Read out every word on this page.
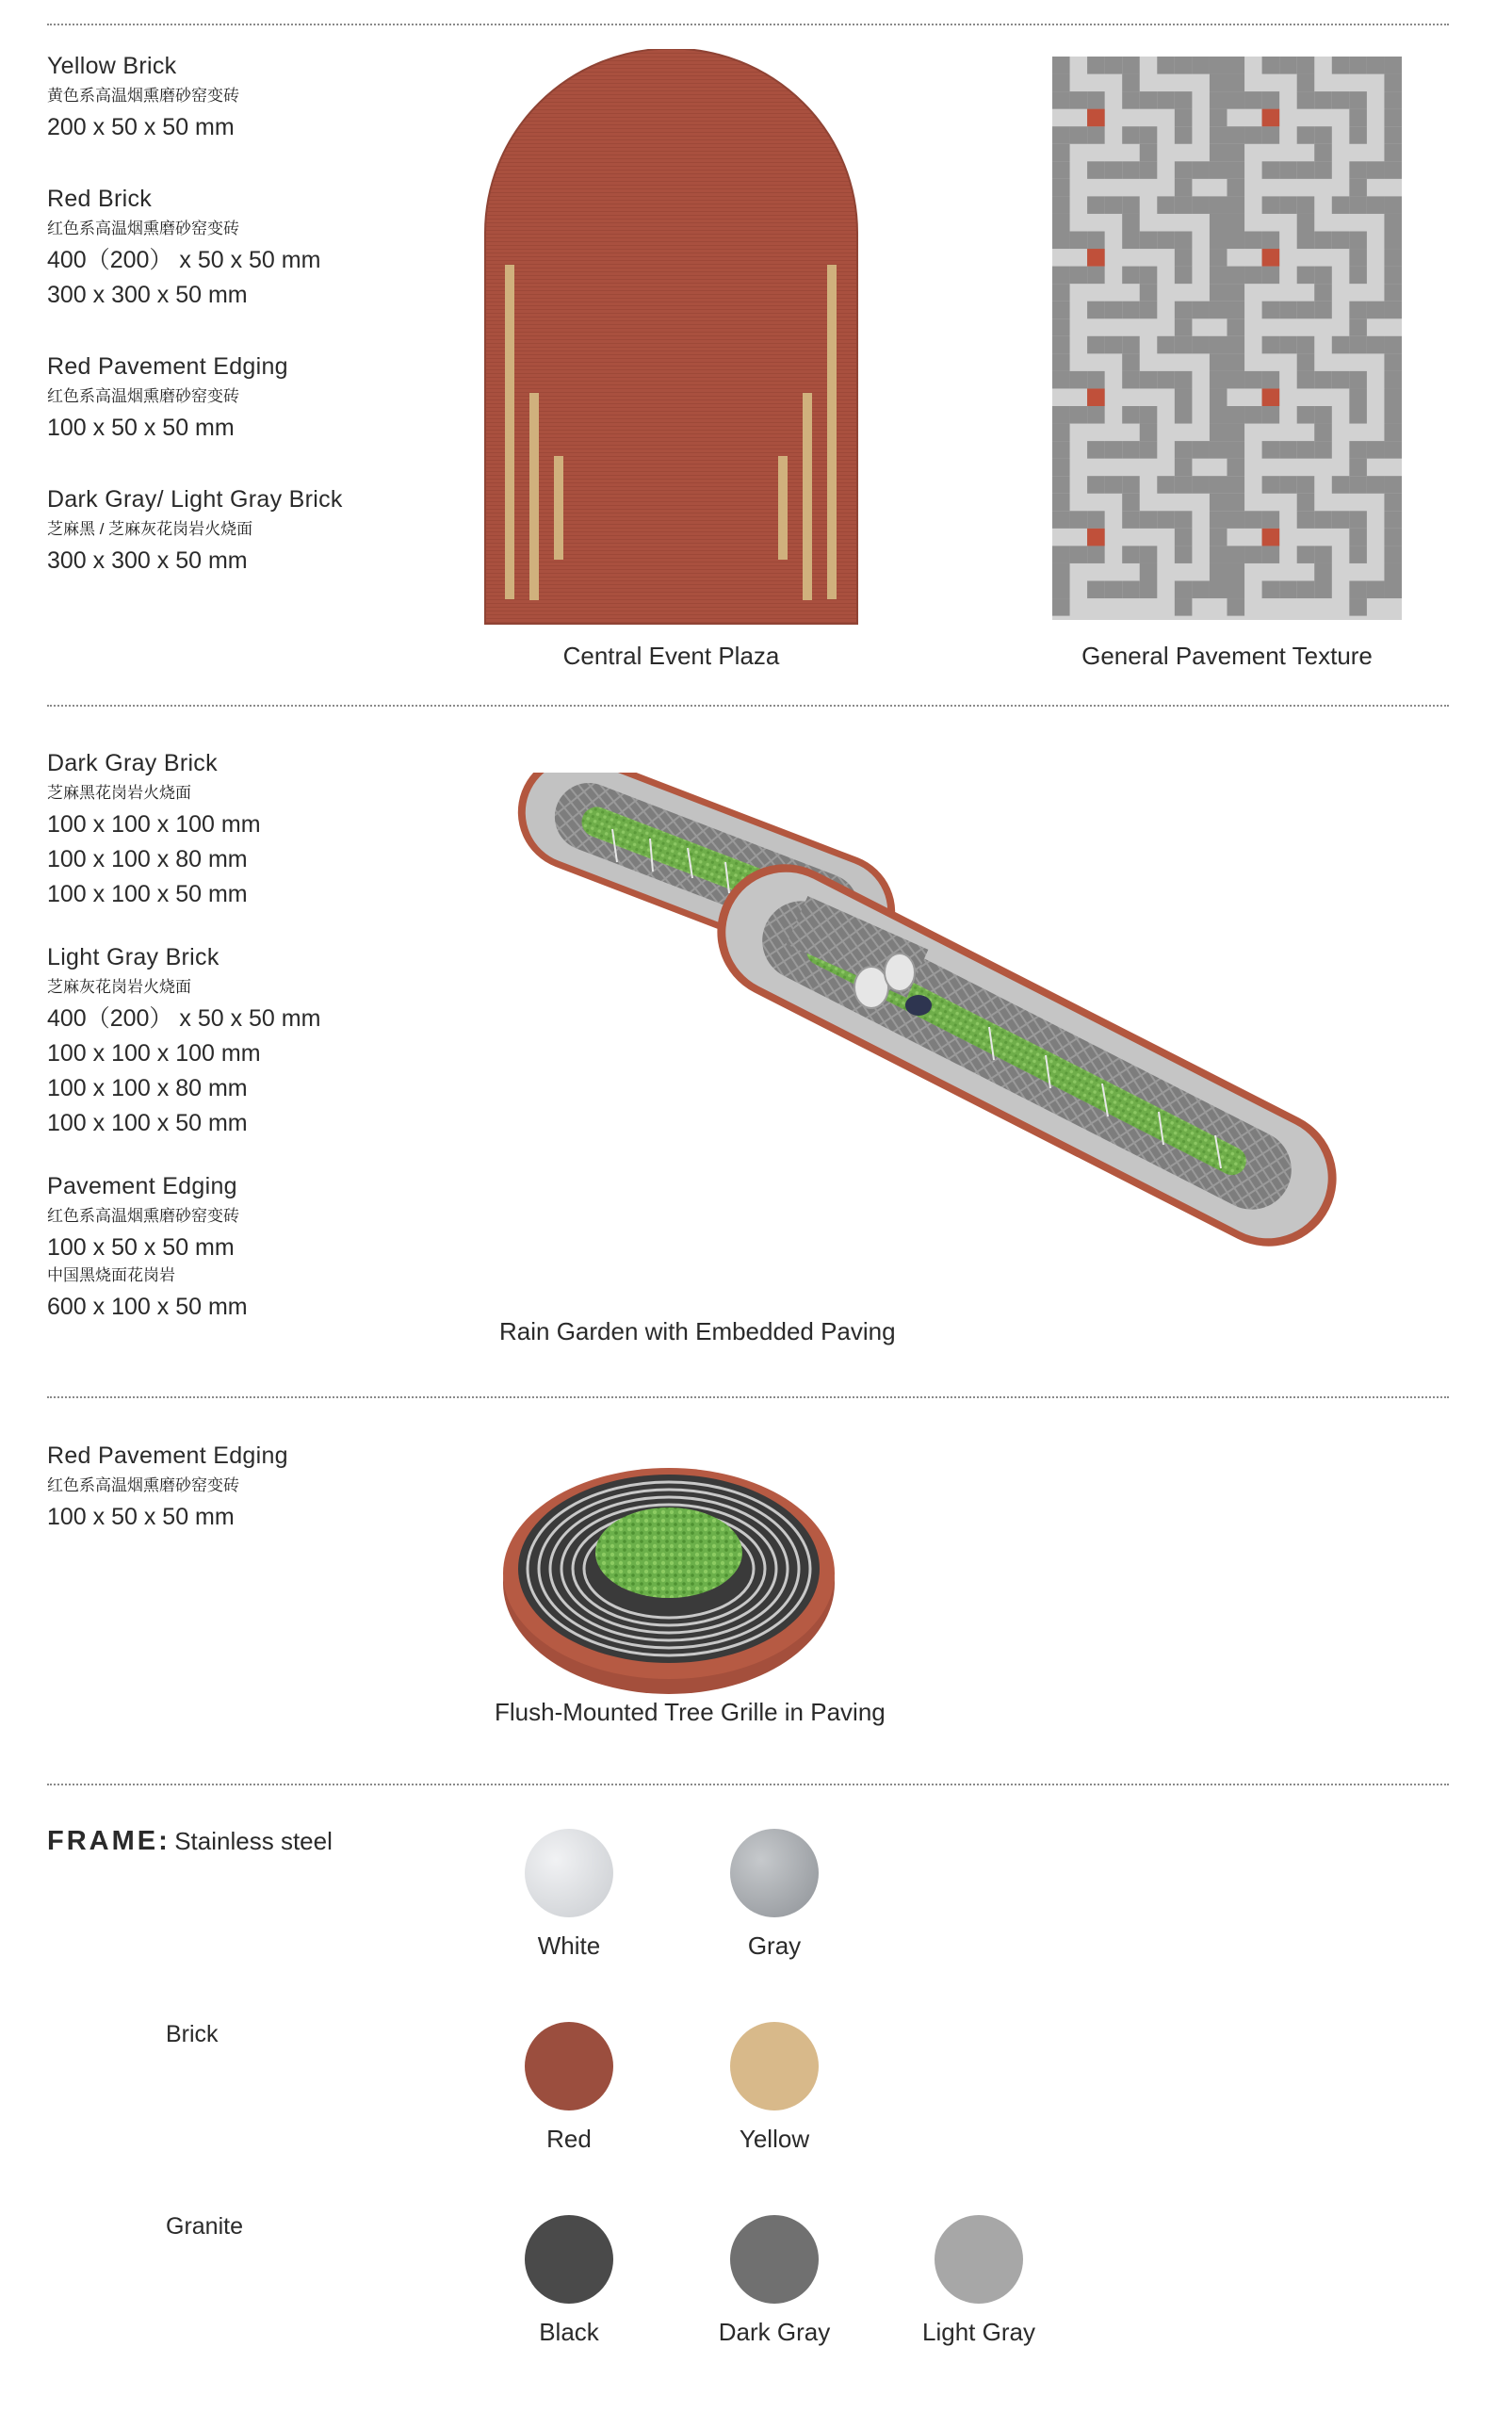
Yellow Brick
黄色系高温烟熏磨砂窑变砖
200 x 50 x 50 mm
Red Brick
红色系高温烟熏磨砂窑变砖
400（200） x 50 x 50 mm
300 x 300 x 50 mm
Red Pavement Edging
红色系高温烟熏磨砂窑变砖
100 x 50 x 50 mm
Dark Gray/ Light Gray Brick
芝麻黑 / 芝麻灰花岗岩火烧面
300 x 300 x 50 mm
Central Event Plaza	General Pavement Texture
Dark Gray Brick
芝麻黑花岗岩火烧面
100 x 100 x 100 mm
100 x 100 x 80 mm
100 x 100 x 50 mm
Light Gray Brick
芝麻灰花岗岩火烧面
400（200） x 50 x 50 mm
100 x 100 x 100 mm
100 x 100 x 80 mm
100 x 100 x 50 mm
Pavement Edging
红色系高温烟熏磨砂窑变砖
100 x 50 x 50 mm
中国黑烧面花岗岩
600 x 100 x 50 mm
Rain Garden with Embedded Paving
Red Pavement Edging
红色系高温烟熏磨砂窑变砖
100 x 50 x 50 mm
Flush-Mounted Tree Grille in Paving
FRAME: Stainless steel
White	Gray
Brick
Red	Yellow
Granite
Black	Dark Gray	Light Gray
